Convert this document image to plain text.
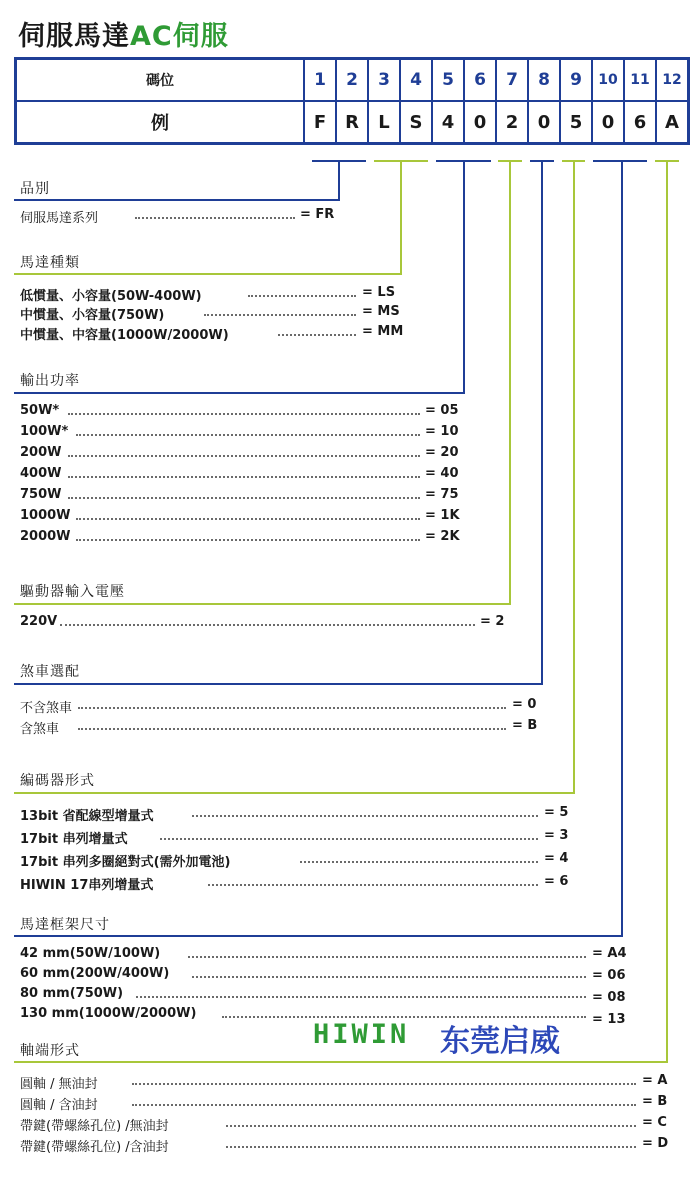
伺服馬達AC伺服
碼位	1	2	3	4	5	6	7	8	9	10	11	12
例	F	R	L	S	4	0	2	0	5	0	6	A
品別
伺服馬達系列	= FR
馬達種類
低慣量、小容量(50W-400W)	= LS
中慣量、小容量(750W)	= MS
中慣量、中容量(1000W/2000W)	= MM
輸出功率
50W*	= 05
100W*	= 10
200W	= 20
400W	= 40
750W	= 75
1000W	= 1K
2000W	= 2K
驅動器輸入電壓
220V	= 2
煞車選配
不含煞車	= 0
含煞車	= B
編碼器形式
13bit 省配線型增量式	= 5
17bit 串列增量式	= 3
17bit 串列多圈絕對式(需外加電池)	= 4
HIWIN 17串列增量式	= 6
馬達框架尺寸
42 mm(50W/100W)	= A4
60 mm(200W/400W)	= 06
80 mm(750W)	= 08
130 mm(1000W/2000W)	= 13
軸端形式
圓軸 / 無油封	= A
圓軸 / 含油封	= B
帶鍵(帶螺絲孔位) /無油封	= C
帶鍵(帶螺絲孔位) /含油封	= D
HIWIN 东莞启威
